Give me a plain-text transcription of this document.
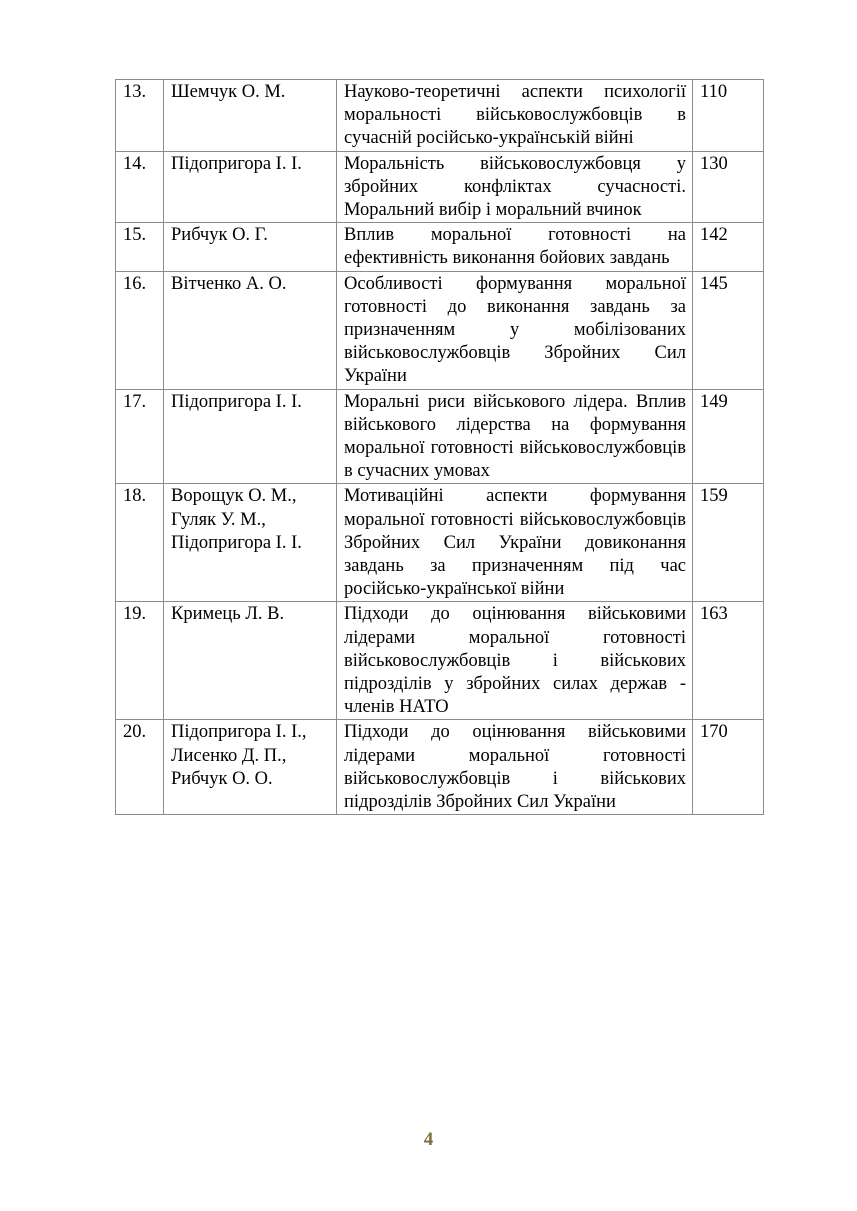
13.	Шемчук О. М.	Науково-теоретичні аспекти психології моральності військовослужбовців в сучасній російсько-українській війні	110
14.	Підопригора І. І.	Моральність військовослужбовця у збройних конфліктах сучасності. Моральний вибір і моральний вчинок	130
15.	Рибчук О. Г.	Вплив моральної готовності на ефективність виконання бойових завдань	142
16.	Вітченко А. О.	Особливості формування моральної готовності до виконання завдань за призначенням у мобілізованих військовослужбовців Збройних Сил України	145
17.	Підопригора І. І.	Моральні риси військового лідера. Вплив військового лідерства на формування моральної готовності військовослужбовців в сучасних умовах	149
18.	Ворощук О. М., Гуляк У. М., Підопригора І. І.	Мотиваційні аспекти формування моральної готовності військовослужбовців Збройних Сил України довиконання завдань за призначенням під час російсько-української війни	159
19.	Кримець Л. В.	Підходи до оцінювання військовими лідерами моральної готовності військовослужбовців і військових підрозділів у збройних силах держав - членів НАТО	163
20.	Підопригора І. І., Лисенко Д. П., Рибчук О. О.	Підходи до оцінювання військовими лідерами моральної готовності військовослужбовців і військових підрозділів Збройних Сил України	170
4
